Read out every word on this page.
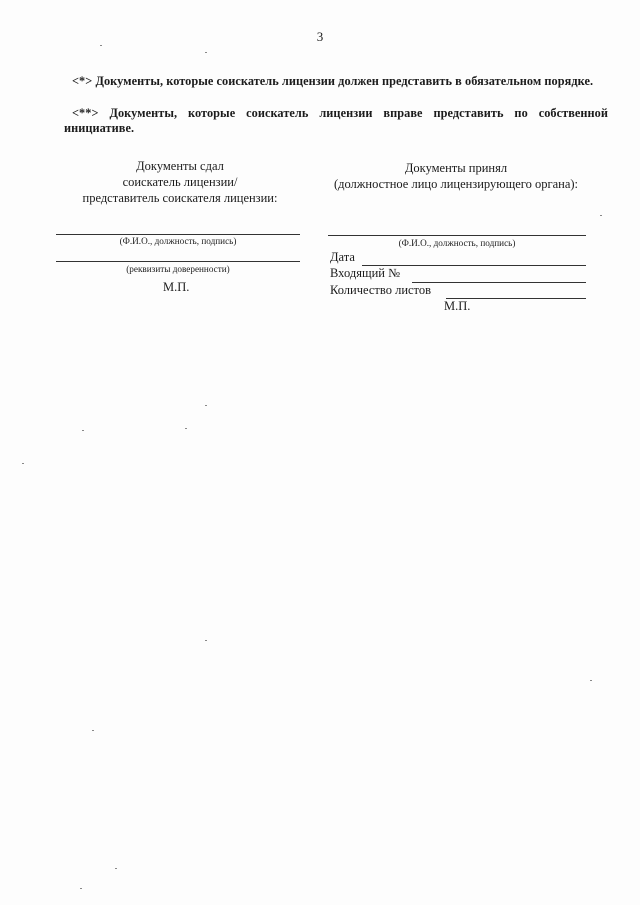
3
<*> Документы, которые соискатель лицензии должен представить в обязательном порядке.
<**> Документы, которые соискатель лицензии вправе представить по собственной инициативе.
Документы сдал
соискатель лицензии/
представитель соискателя лицензии:
(Ф.И.О., должность, подпись)
(реквизиты доверенности)
М.П.
Документы принял
(должностное лицо лицензирующего органа):
(Ф.И.О., должность, подпись)
Дата
Входящий №
Количество листов
М.П.
